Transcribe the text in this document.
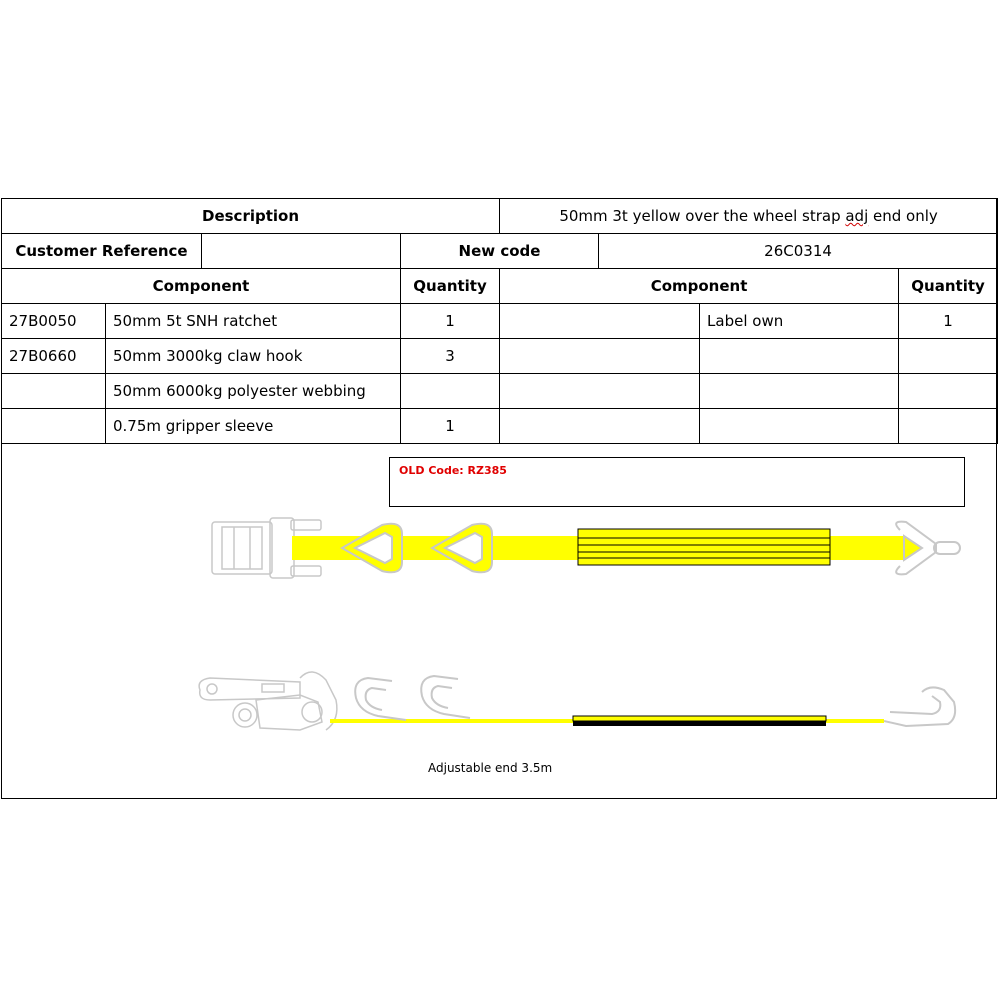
Description				50mm 3t yellow over the wheel strap adj end only			
Customer Reference			New code		26C0314		
Component			Quantity	Component			Quantity
27B0050	50mm 5t SNH ratchet		1			Label own	1
27B0660	50mm 3000kg claw hook		3				
	50mm 6000kg polyester webbing						
	0.75m gripper sleeve		1				
OLD Code: RZ385
Adjustable end 3.5m
